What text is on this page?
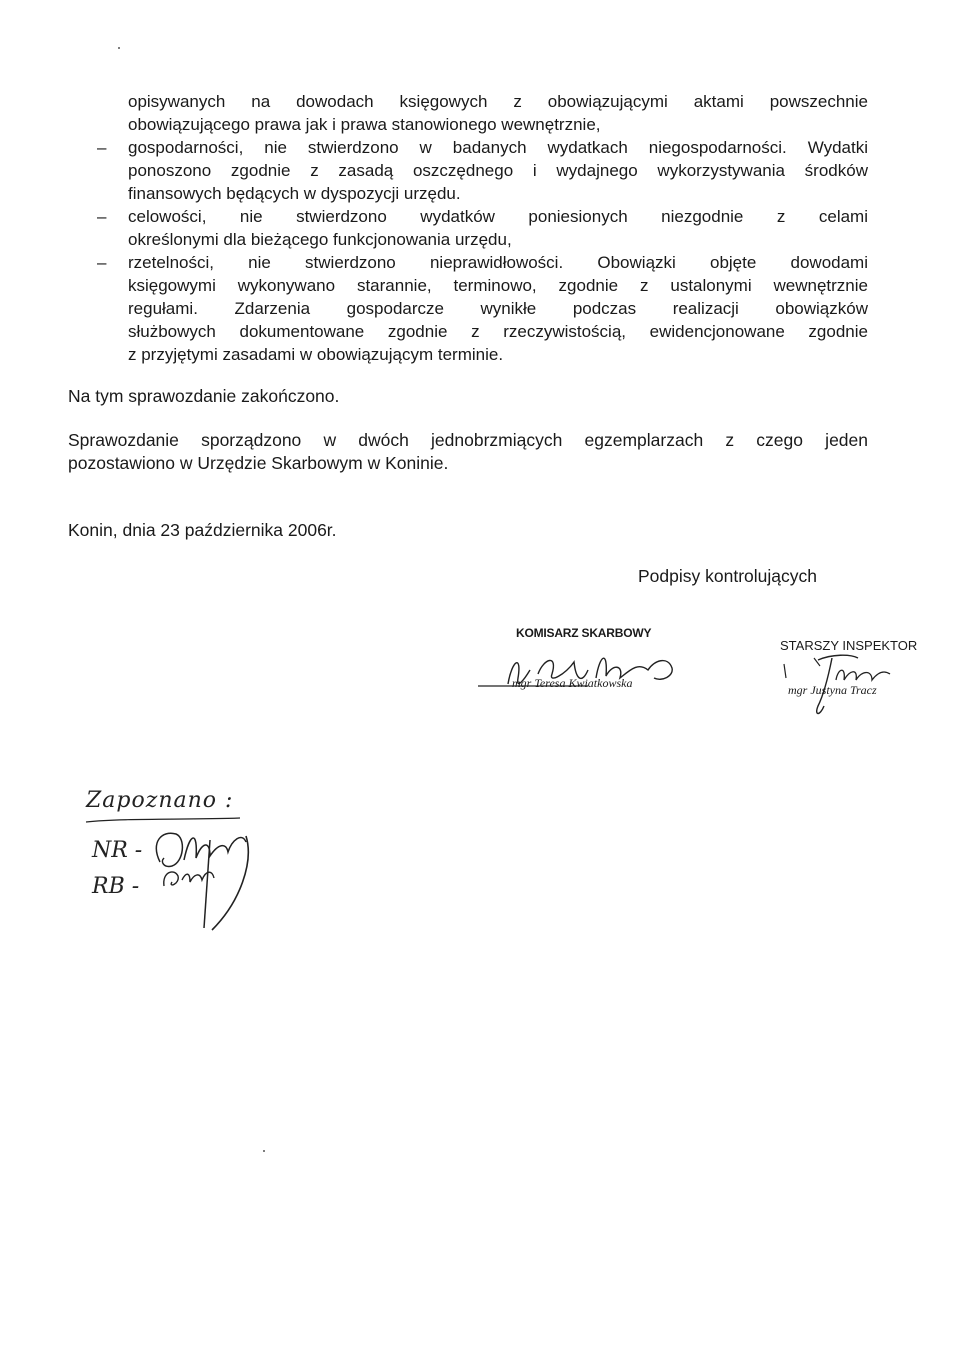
opisywanych na dowodach księgowych z obowiązującymi aktami powszechnie
obowiązującego prawa jak i prawa stanowionego wewnętrznie,
– gospodarności, nie stwierdzono w badanych wydatkach niegospodarności. Wydatki
ponoszono zgodnie z zasadą oszczędnego i wydajnego wykorzystywania środków
finansowych będących w dyspozycji urzędu.
– celowości, nie stwierdzono wydatków poniesionych niezgodnie z celami
określonymi dla bieżącego funkcjonowania urzędu,
– rzetelności, nie stwierdzono nieprawidłowości. Obowiązki objęte dowodami
księgowymi wykonywano starannie, terminowo, zgodnie z ustalonymi wewnętrznie
regułami. Zdarzenia gospodarcze wynikłe podczas realizacji obowiązków
służbowych dokumentowane zgodnie z rzeczywistością, ewidencjonowane zgodnie
z przyjętymi zasadami w obowiązującym terminie.
Na tym sprawozdanie zakończono.
Sprawozdanie sporządzono w dwóch jednobrzmiących egzemplarzach z czego jeden
pozostawiono w Urzędzie Skarbowym w Koninie.
Konin, dnia 23 października 2006r.
Podpisy kontrolujących
KOMISARZ SKARBOWY
mgr Teresa Kwiatkowska
STARSZY INSPEKTOR
mgr Justyna Tracz
Zapoznano :
NR -
RB -
